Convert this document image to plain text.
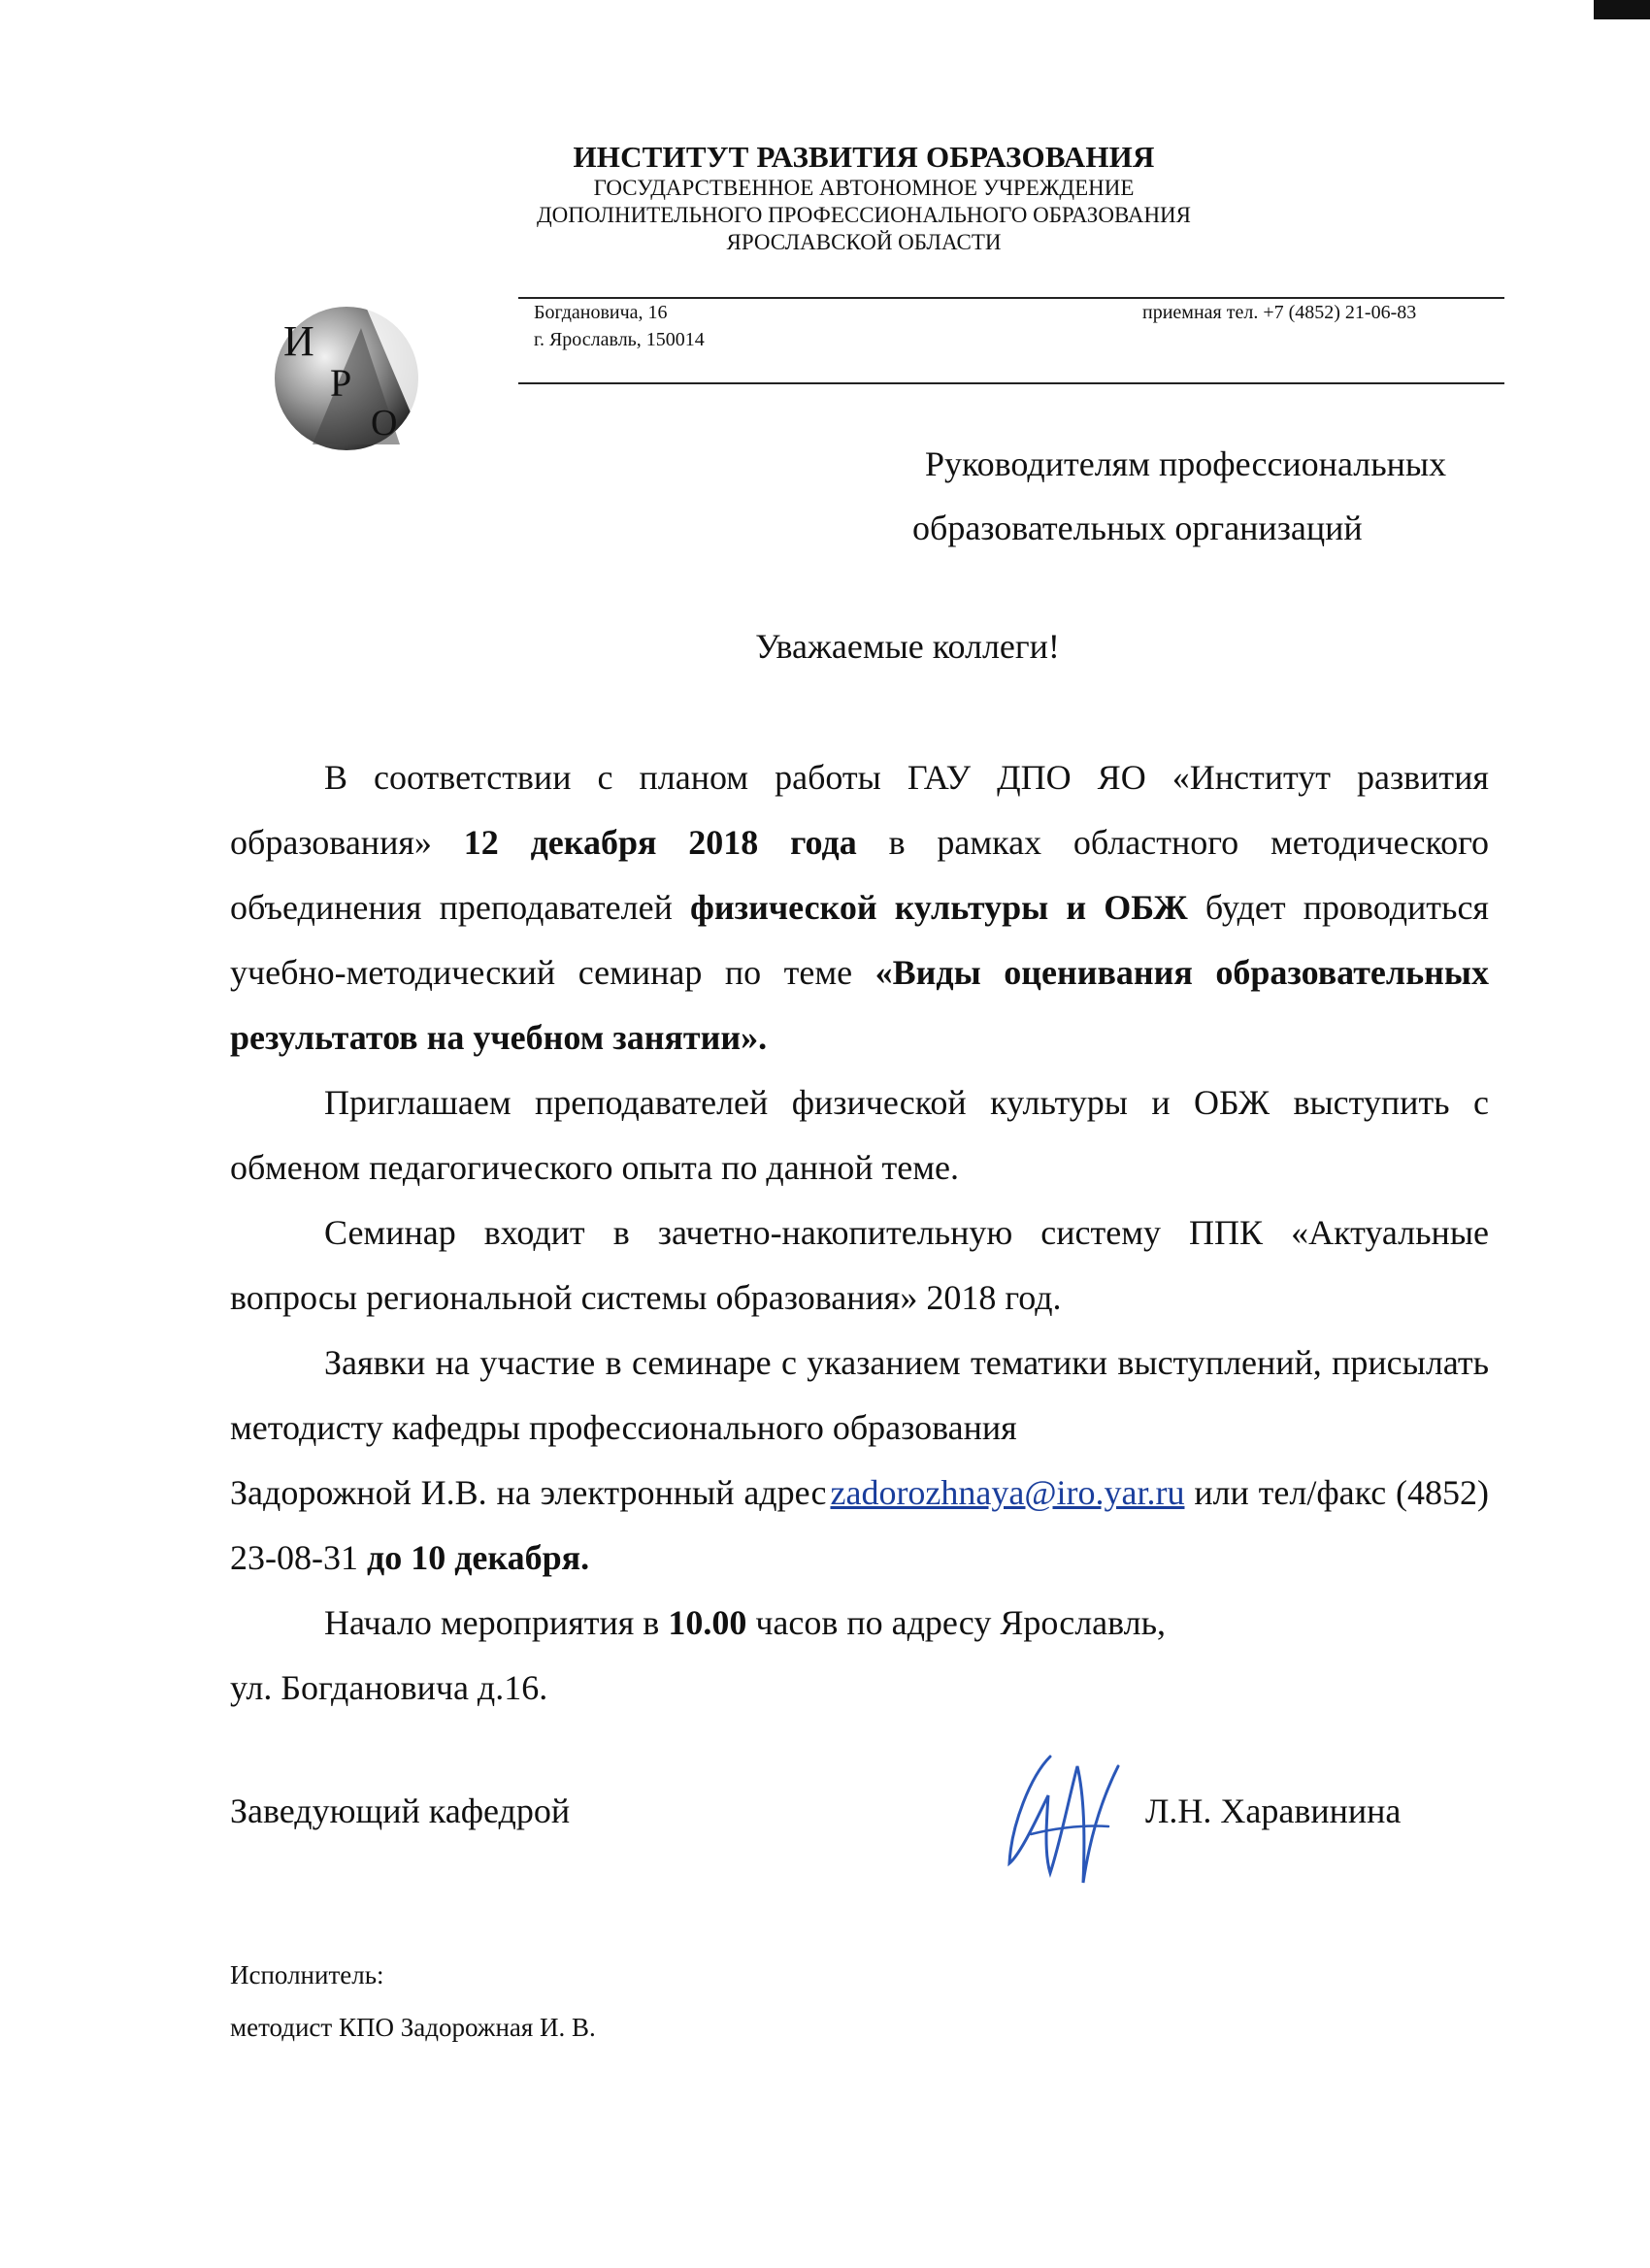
ИНСТИТУТ РАЗВИТИЯ ОБРАЗОВАНИЯ
ГОСУДАРСТВЕННОЕ АВТОНОМНОЕ УЧРЕЖДЕНИЕ
ДОПОЛНИТЕЛЬНОГО ПРОФЕССИОНАЛЬНОГО ОБРАЗОВАНИЯ
ЯРОСЛАВСКОЙ ОБЛАСТИ
И
Р
О
Богдановича, 16
г. Ярославль, 150014
приемная тел. +7 (4852) 21-06-83
Руководителям профессиональных
образовательных организаций
Уважаемые коллеги!

В соответствии с планом работы ГАУ ДПО ЯО «Институт развития образования» 12 декабря 2018 года в рамках областного методического объединения преподавателей физической культуры и ОБЖ будет проводиться учебно-методический семинар по теме «Виды оценивания образовательных результатов на учебном занятии».

Приглашаем преподавателей физической культуры и ОБЖ выступить с обменом педагогического опыта по данной теме.

Семинар входит в зачетно-накопительную систему ППК «Актуальные вопросы региональной системы образования» 2018 год.

Заявки на участие в семинаре с указанием тематики выступлений, присылать методисту кафедры профессионального образования

Задорожной И.В. на электронный адрес zadorozhnaya@iro.yar.ru или тел/факс (4852) 23-08-31 до 10 декабря.

Начало мероприятия в 10.00 часов по адресу Ярославль,

ул. Богдановича д.16.

Заведующий кафедрой	Л.Н. Харавинина
Исполнитель:
методист КПО Задорожная И. В.
